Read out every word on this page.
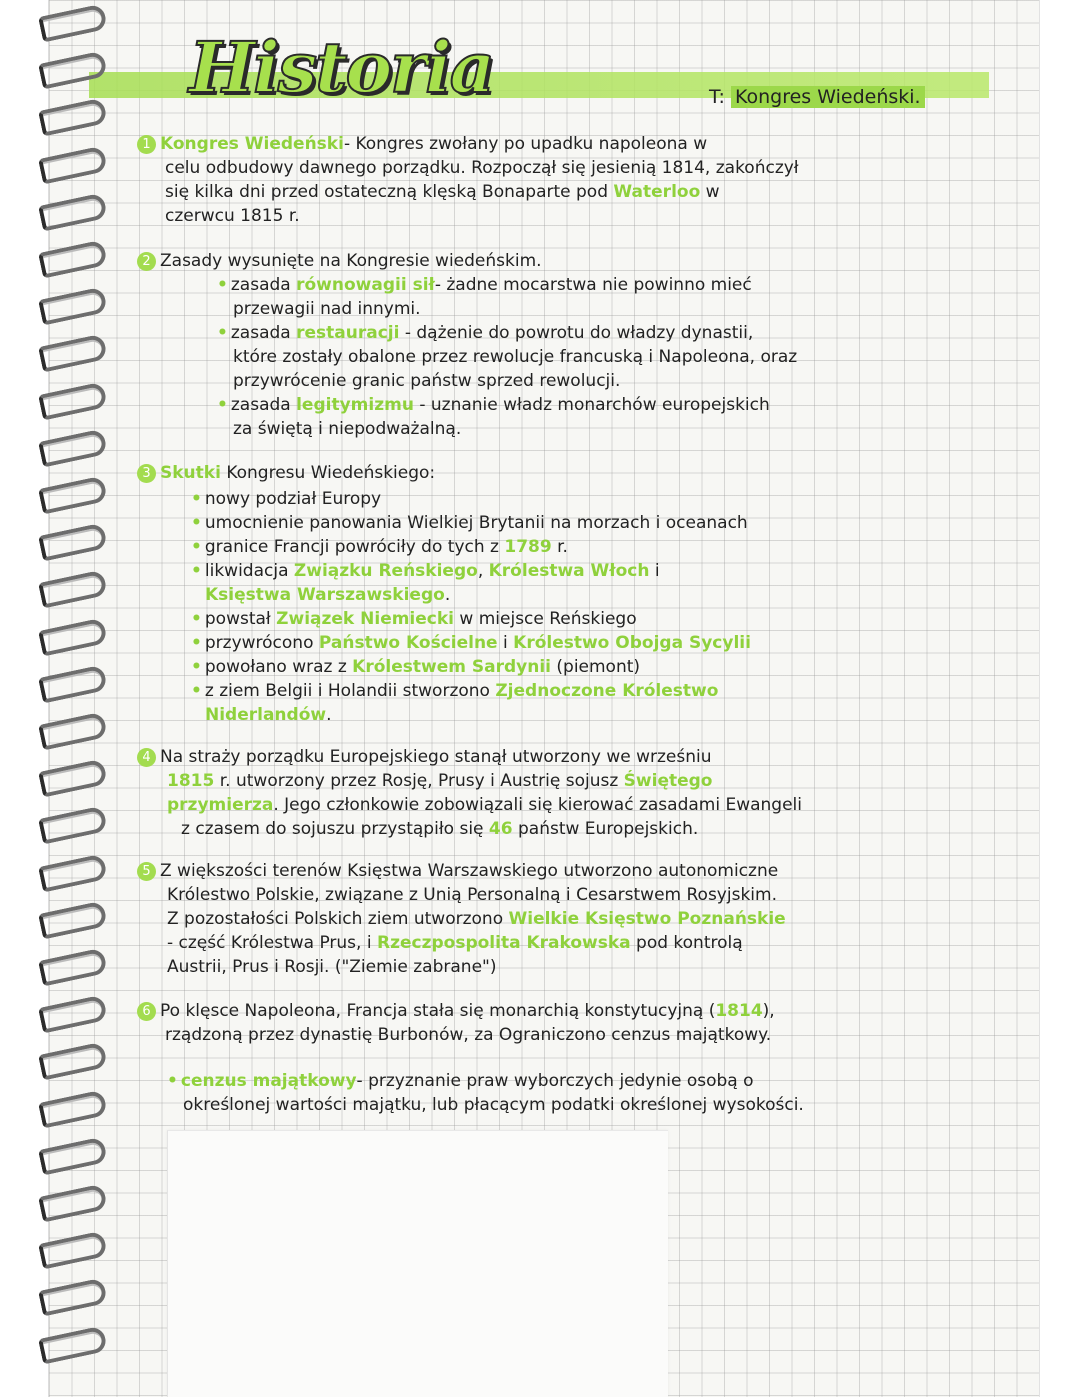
Historia	T: Kongres Wiedeński.
1 Kongres Wiedeński- Kongres zwołany po upadku napoleona w
celu odbudowy dawnego porządku. Rozpoczął się jesienią 1814, zakończył
się kilka dni przed ostateczną klęską Bonaparte pod Waterloo w
czerwcu 1815 r.
2 Zasady wysunięte na Kongresie wiedeńskim.
• zasada równowagii sił- żadne mocarstwa nie powinno mieć
przewagii nad innymi.
• zasada restauracji - dążenie do powrotu do władzy dynastii,
które zostały obalone przez rewolucje francuską i Napoleona, oraz
przywrócenie granic państw sprzed rewolucji.
• zasada legitymizmu - uznanie władz monarchów europejskich
za świętą i niepodważalną.
3 Skutki Kongresu Wiedeńskiego:
• nowy podział Europy
• umocnienie panowania Wielkiej Brytanii na morzach i oceanach
• granice Francji powróciły do tych z 1789 r.
• likwidacja Związku Reńskiego, Królestwa Włoch i
Księstwa Warszawskiego.
• powstał Związek Niemiecki w miejsce Reńskiego
• przywrócono Państwo Kościelne i Królestwo Obojga Sycylii
• powołano wraz z Królestwem Sardynii (piemont)
• z ziem Belgii i Holandii stworzono Zjednoczone Królestwo
Niderlandów.
4 Na straży porządku Europejskiego stanął utworzony we wrześniu
1815 r. utworzony przez Rosję, Prusy i Austrię sojusz Świętego
przymierza. Jego członkowie zobowiązali się kierować zasadami Ewangeli
z czasem do sojuszu przystąpiło się 46 państw Europejskich.
5 Z większości terenów Księstwa Warszawskiego utworzono autonomiczne
Królestwo Polskie, związane z Unią Personalną i Cesarstwem Rosyjskim.
Z pozostałości Polskich ziem utworzono Wielkie Księstwo Poznańskie
- część Królestwa Prus, i Rzeczpospolita Krakowska pod kontrolą
Austrii, Prus i Rosji. ("Ziemie zabrane")
6 Po klęsce Napoleona, Francja stała się monarchią konstytucyjną (1814),
rządzoną przez dynastię Burbonów, za Ograniczono cenzus majątkowy.
• cenzus majątkowy- przyznanie praw wyborczych jedynie osobą o
określonej wartości majątku, lub płacącym podatki określonej wysokości.
